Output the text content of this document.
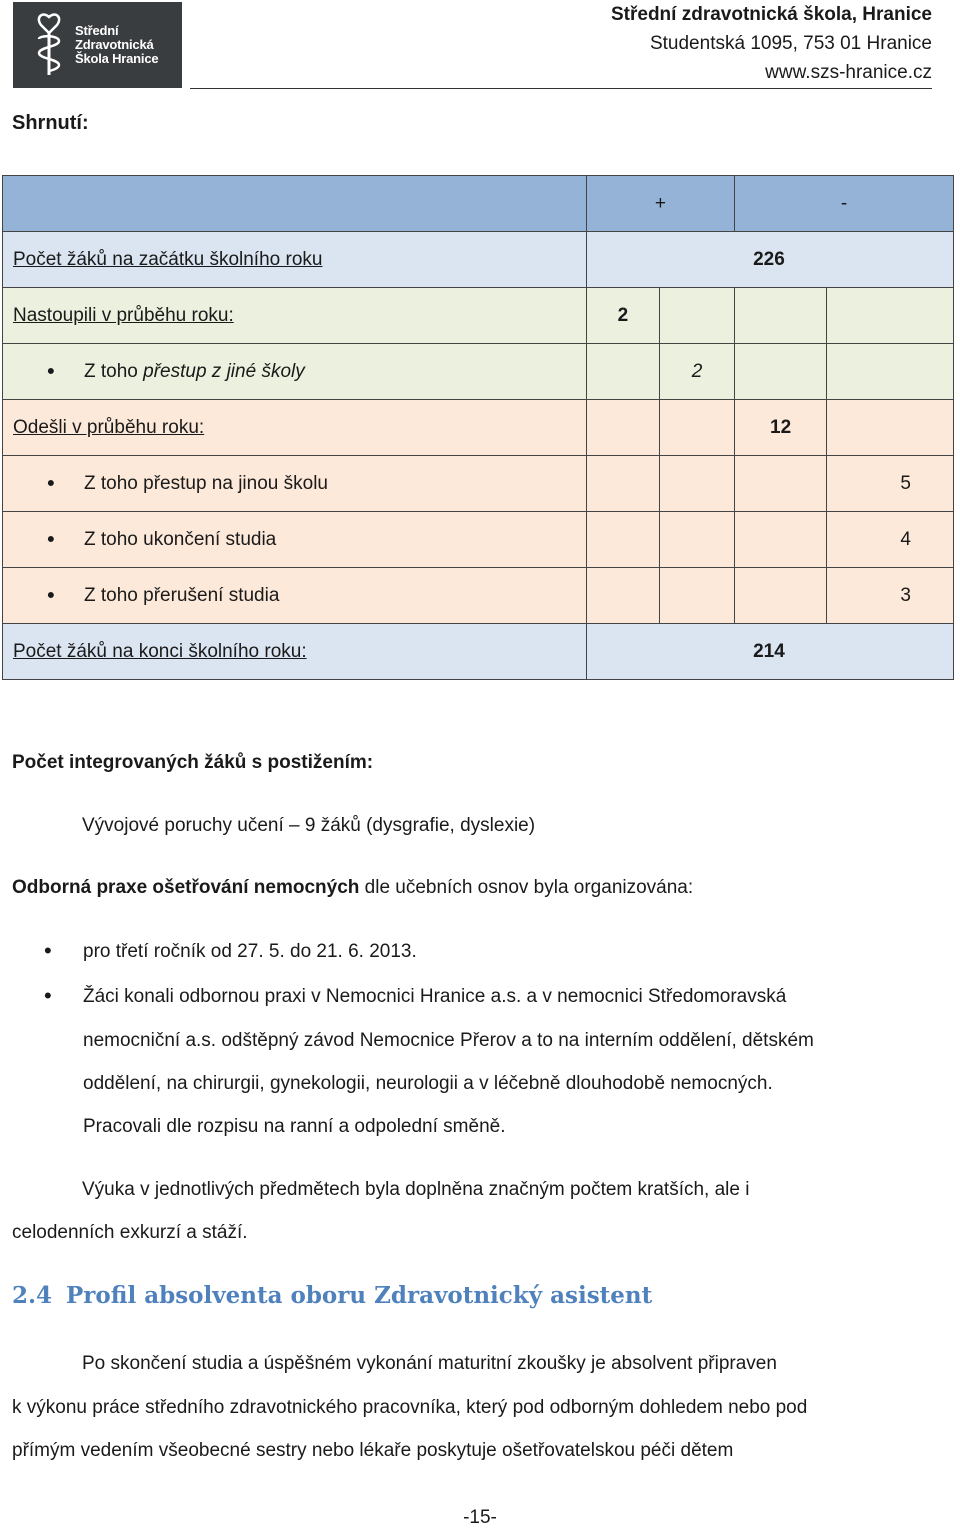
Střední
Zdravotnická
Škola Hranice
Střední zdravotnická škola, Hranice
Studentská 1095, 753 01 Hranice
www.szs-hranice.cz
Shrnutí:
	+		-	
Počet žáků na začátku školního roku	226			
Nastoupili v průběhu roku:	2			
• Z toho přestup z jiné školy		2		
Odešli v průběhu roku:			12	
• Z toho přestup na jinou školu				5
• Z toho ukončení studia				4
• Z toho přerušení studia				3
Počet žáků na konci školního roku:	214			
Počet integrovaných žáků s postižením:
Vývojové poruchy učení – 9 žáků (dysgrafie, dyslexie)
Odborná praxe ošetřování nemocných dle učebních osnov byla organizována:
• pro třetí ročník od 27. 5. do 21. 6. 2013.
• Žáci konali odbornou praxi v Nemocnici Hranice a.s. a v nemocnici Středomoravská
nemocniční a.s. odštěpný závod Nemocnice Přerov a to na interním oddělení, dětském
oddělení, na chirurgii, gynekologii, neurologii a v léčebně dlouhodobě nemocných.
Pracovali dle rozpisu na ranní a odpolední směně.
Výuka v jednotlivých předmětech byla doplněna značným počtem kratších, ale i
celodenních exkurzí a stáží.
2.4 Profil absolventa oboru Zdravotnický asistent
Po skončení studia a úspěšném vykonání maturitní zkoušky je absolvent připraven
k výkonu práce středního zdravotnického pracovníka, který pod odborným dohledem nebo pod
přímým vedením všeobecné sestry nebo lékaře poskytuje ošetřovatelskou péči dětem
-15-
